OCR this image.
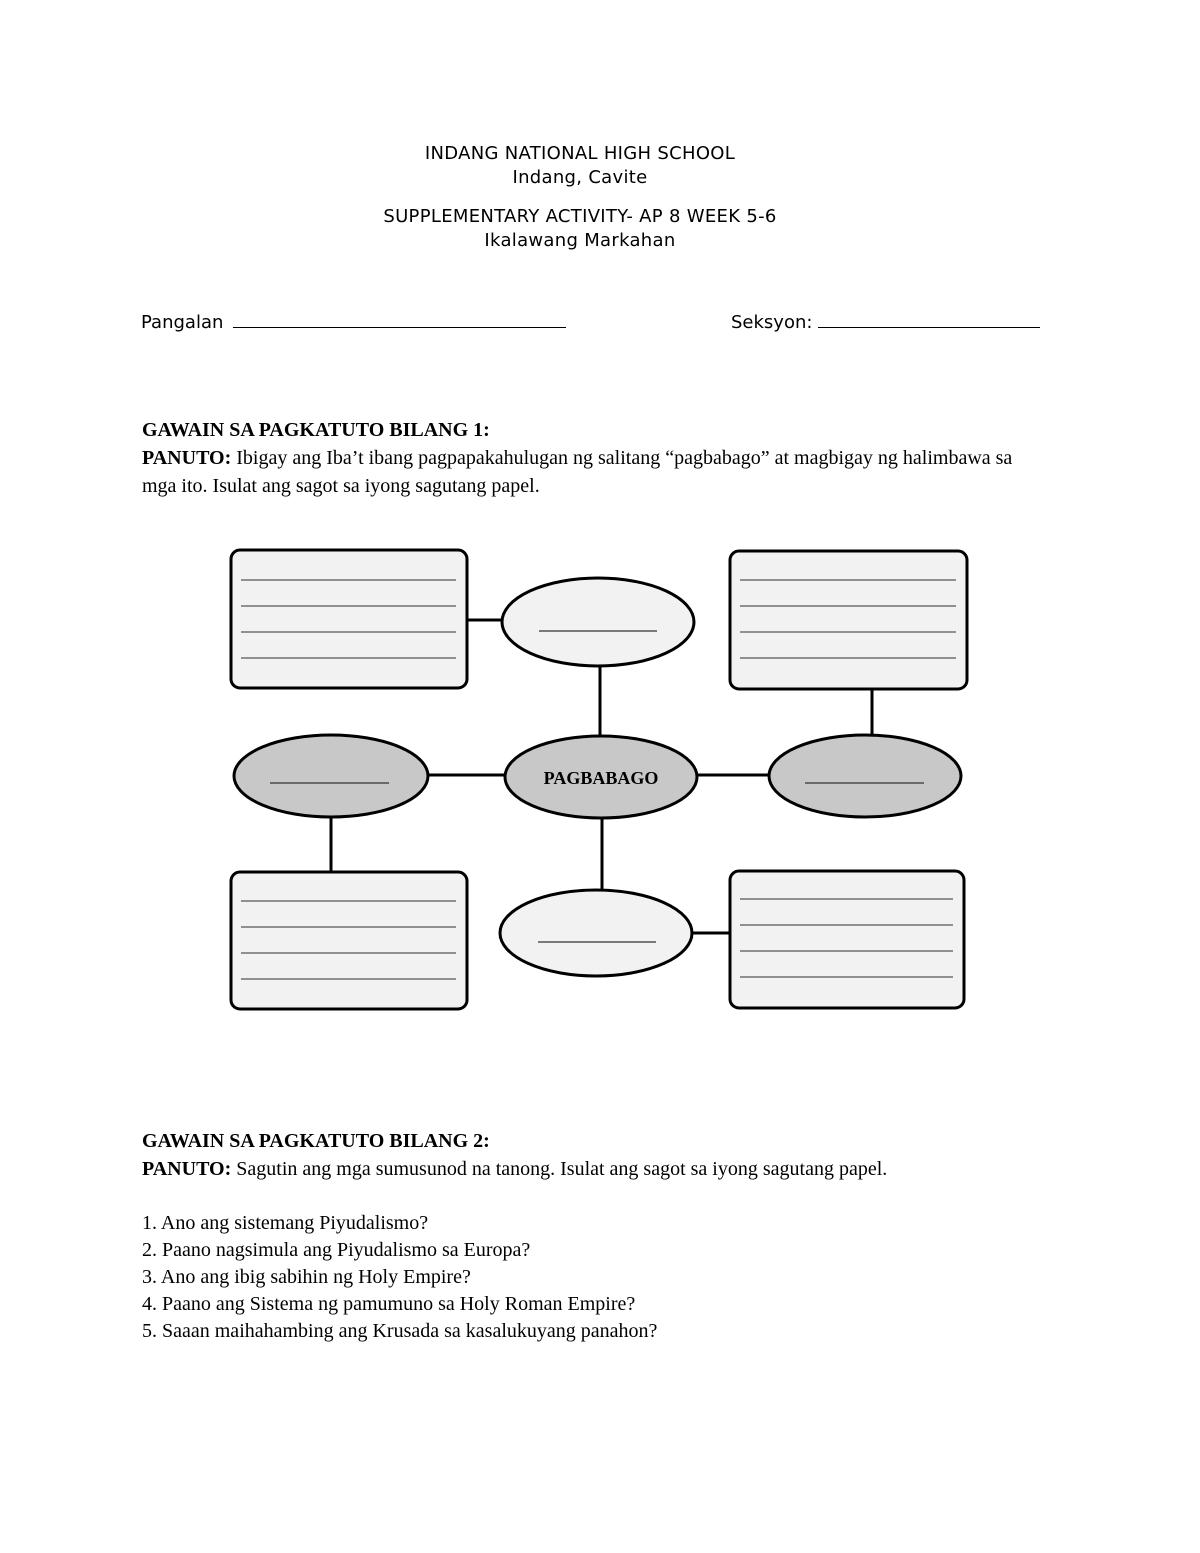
INDANG NATIONAL HIGH SCHOOL
Indang, Cavite
SUPPLEMENTARY ACTIVITY- AP 8 WEEK 5-6
Ikalawang Markahan
Pangalan	Seksyon:
GAWAIN SA PAGKATUTO BILANG 1:
PANUTO: Ibigay ang Iba’t ibang pagpapakahulugan ng salitang “pagbabago” at magbigay ng halimbawa sa mga ito. Isulat ang sagot sa iyong sagutang papel.
PAGBABAGO
GAWAIN SA PAGKATUTO BILANG 2:
PANUTO: Sagutin ang mga sumusunod na tanong. Isulat ang sagot sa iyong sagutang papel.
1. Ano ang sistemang Piyudalismo?
2. Paano nagsimula ang Piyudalismo sa Europa?
3. Ano ang ibig sabihin ng Holy Empire?
4. Paano ang Sistema ng pamumuno sa Holy Roman Empire?
5. Saaan maihahambing ang Krusada sa kasalukuyang panahon?
